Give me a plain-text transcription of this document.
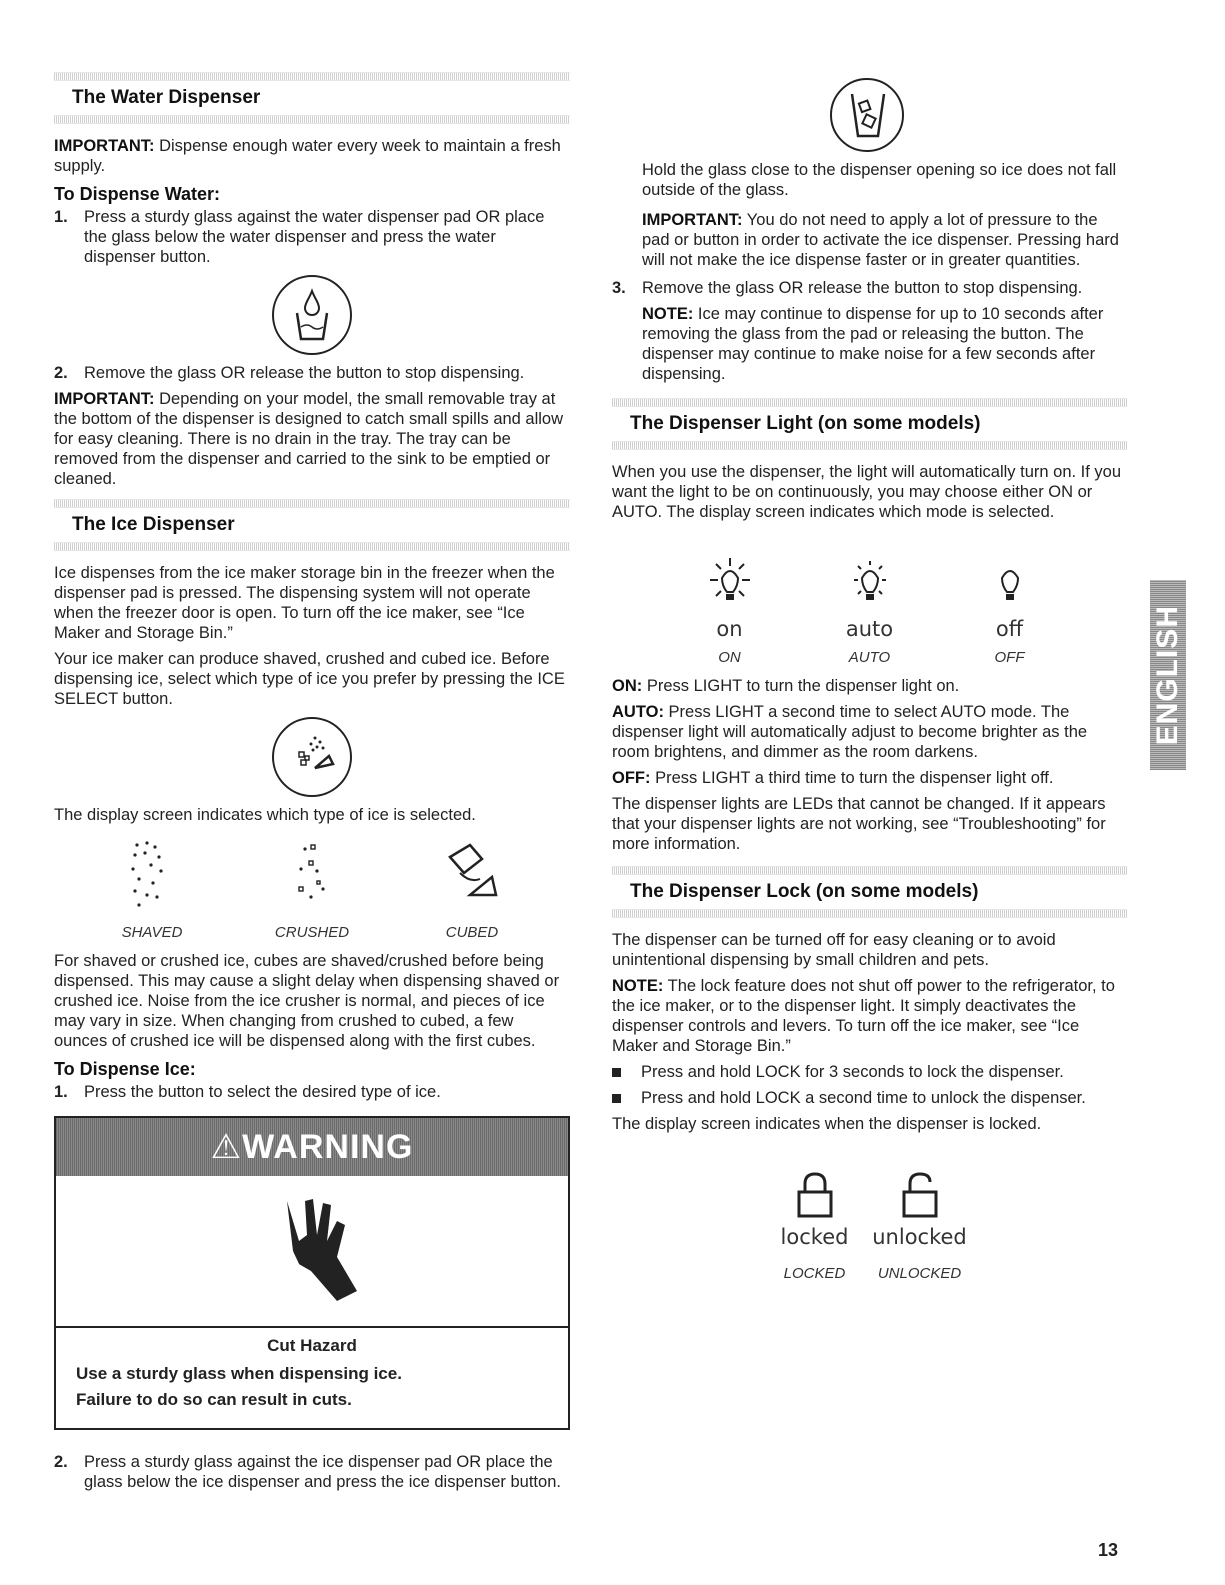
The Water Dispenser

IMPORTANT: Dispense enough water every week to maintain a fresh supply.

To Dispense Water:
1. Press a sturdy glass against the water dispenser pad OR place the glass below the water dispenser and press the water dispenser button.
2. Remove the glass OR release the button to stop dispensing.

IMPORTANT: Depending on your model, the small removable tray at the bottom of the dispenser is designed to catch small spills and allow for easy cleaning. There is no drain in the tray. The tray can be removed from the dispenser and carried to the sink to be emptied or cleaned.

The Ice Dispenser

Ice dispenses from the ice maker storage bin in the freezer when the dispenser pad is pressed. The dispensing system will not operate when the freezer door is open. To turn off the ice maker, see “Ice Maker and Storage Bin.”

Your ice maker can produce shaved, crushed and cubed ice. Before dispensing ice, select which type of ice you prefer by pressing the ICE SELECT button.

The display screen indicates which type of ice is selected.

SHAVED	CRUSHED	CUBED

For shaved or crushed ice, cubes are shaved/crushed before being dispensed. This may cause a slight delay when dispensing shaved or crushed ice. Noise from the ice crusher is normal, and pieces of ice may vary in size. When changing from crushed to cubed, a few ounces of crushed ice will be dispensed along with the first cubes.

To Dispense Ice:
1. Press the button to select the desired type of ice.
⚠WARNING
Cut Hazard
Use a sturdy glass when dispensing ice.
Failure to do so can result in cuts.
2. Press a sturdy glass against the ice dispenser pad OR place the glass below the ice dispenser and press the ice dispenser button.

Hold the glass close to the dispenser opening so ice does not fall outside of the glass.

IMPORTANT: You do not need to apply a lot of pressure to the pad or button in order to activate the ice dispenser. Pressing hard will not make the ice dispense faster or in greater quantities.

3. Remove the glass OR release the button to stop dispensing.

NOTE: Ice may continue to dispense for up to 10 seconds after removing the glass from the pad or releasing the button. The dispenser may continue to make noise for a few seconds after dispensing.

The Dispenser Light (on some models)

When you use the dispenser, the light will automatically turn on. If you want the light to be on continuously, you may choose either ON or AUTO. The display screen indicates which mode is selected.

on
ON
auto
AUTO
off
OFF

ON: Press LIGHT to turn the dispenser light on.

AUTO: Press LIGHT a second time to select AUTO mode. The dispenser light will automatically adjust to become brighter as the room brightens, and dimmer as the room darkens.

OFF: Press LIGHT a third time to turn the dispenser light off.

The dispenser lights are LEDs that cannot be changed. If it appears that your dispenser lights are not working, see “Troubleshooting” for more information.

The Dispenser Lock (on some models)

The dispenser can be turned off for easy cleaning or to avoid unintentional dispensing by small children and pets.

NOTE: The lock feature does not shut off power to the refrigerator, to the ice maker, or to the dispenser light. It simply deactivates the dispenser controls and levers. To turn off the ice maker, see “Ice Maker and Storage Bin.”

Press and hold LOCK for 3 seconds to lock the dispenser.
Press and hold LOCK a second time to unlock the dispenser.

The display screen indicates when the dispenser is locked.

locked
LOCKED
unlocked
UNLOCKED
ENGLISH
13
